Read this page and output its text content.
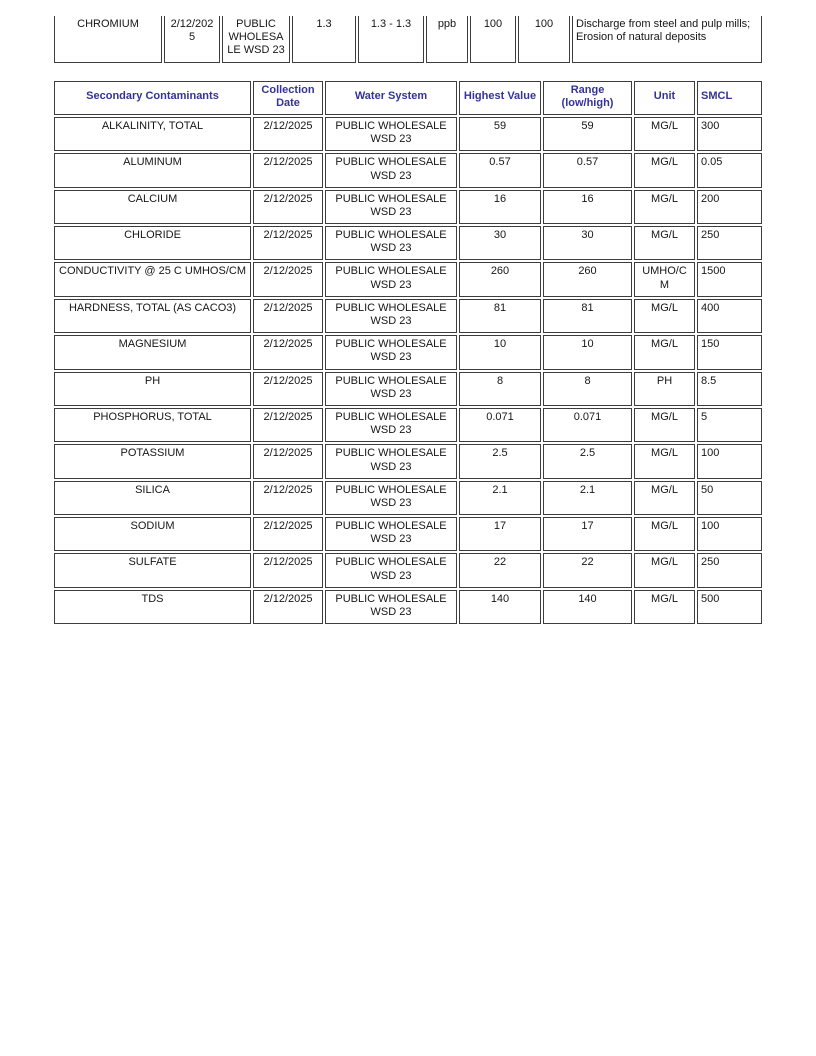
CHROMIUM	2/12/2025	PUBLIC WHOLESALE WSD 23	1.3	1.3 - 1.3	ppb	100	100	Discharge from steel and pulp mills; Erosion of natural deposits
Secondary Contaminants	Collection Date	Water System	Highest Value	Range (low/high)	Unit	SMCL
ALKALINITY, TOTAL	2/12/2025	PUBLIC WHOLESALE WSD 23	59	59	MG/L	300
ALUMINUM	2/12/2025	PUBLIC WHOLESALE WSD 23	0.57	0.57	MG/L	0.05
CALCIUM	2/12/2025	PUBLIC WHOLESALE WSD 23	16	16	MG/L	200
CHLORIDE	2/12/2025	PUBLIC WHOLESALE WSD 23	30	30	MG/L	250
CONDUCTIVITY @ 25 C UMHOS/CM	2/12/2025	PUBLIC WHOLESALE WSD 23	260	260	UMHO/CM	1500
HARDNESS, TOTAL (AS CACO3)	2/12/2025	PUBLIC WHOLESALE WSD 23	81	81	MG/L	400
MAGNESIUM	2/12/2025	PUBLIC WHOLESALE WSD 23	10	10	MG/L	150
PH	2/12/2025	PUBLIC WHOLESALE WSD 23	8	8	PH	8.5
PHOSPHORUS, TOTAL	2/12/2025	PUBLIC WHOLESALE WSD 23	0.071	0.071	MG/L	5
POTASSIUM	2/12/2025	PUBLIC WHOLESALE WSD 23	2.5	2.5	MG/L	100
SILICA	2/12/2025	PUBLIC WHOLESALE WSD 23	2.1	2.1	MG/L	50
SODIUM	2/12/2025	PUBLIC WHOLESALE WSD 23	17	17	MG/L	100
SULFATE	2/12/2025	PUBLIC WHOLESALE WSD 23	22	22	MG/L	250
TDS	2/12/2025	PUBLIC WHOLESALE WSD 23	140	140	MG/L	500
